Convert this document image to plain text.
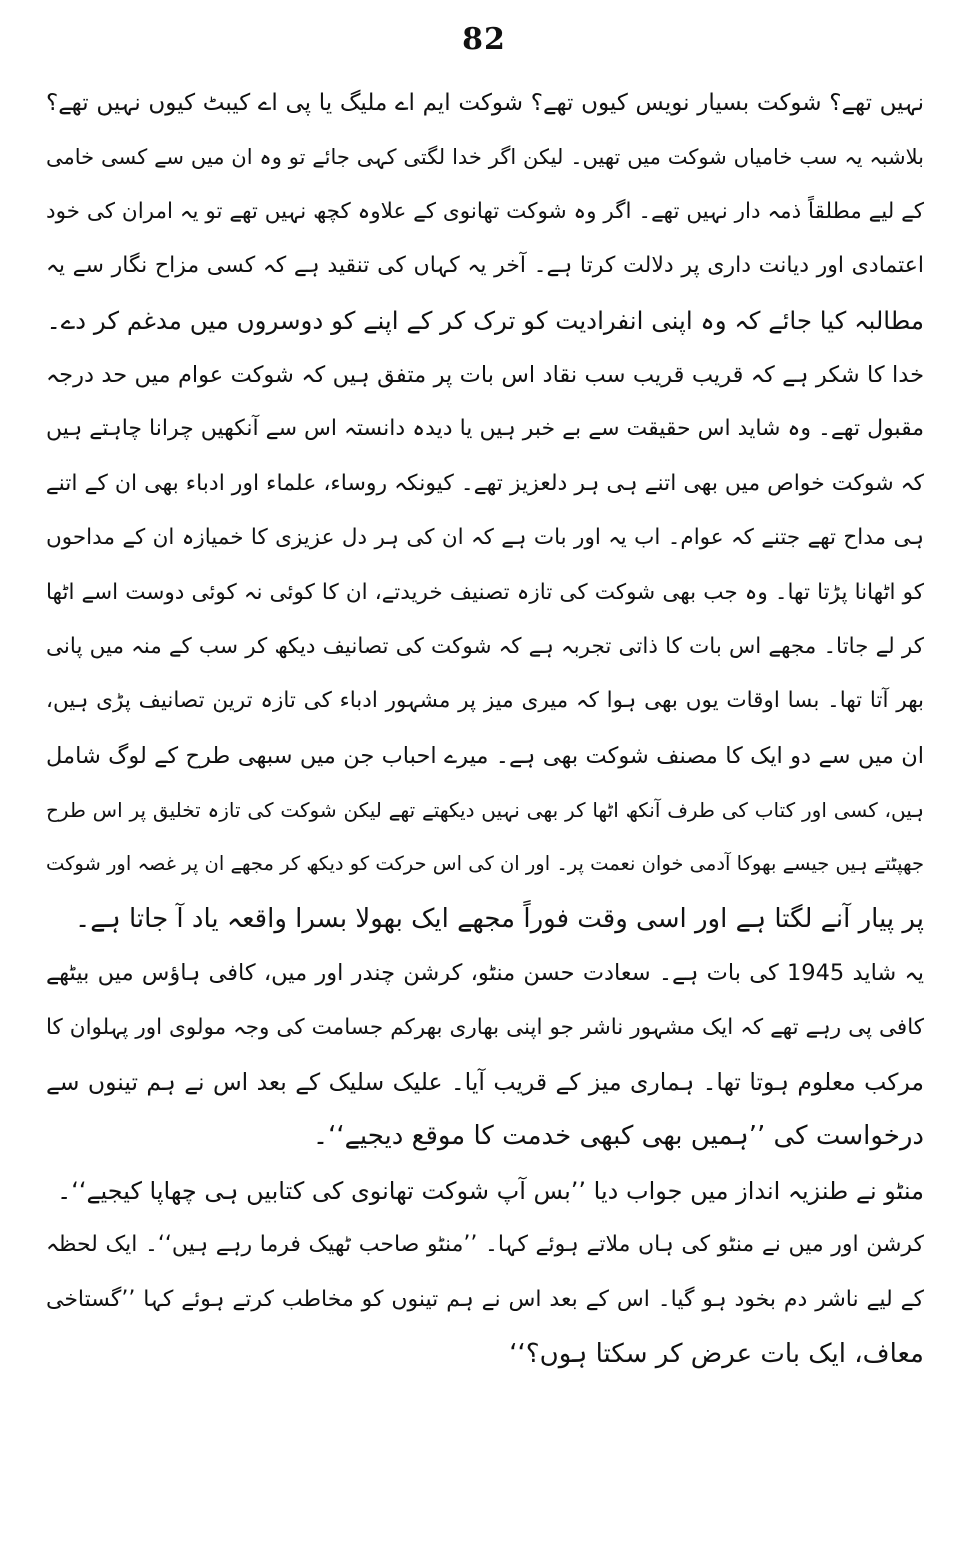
82
نہیں تھے؟ شوکت بسیار نویس کیوں تھے؟ شوکت ایم اے ملیگ یا پی اے کیبٹ کیوں نہیں تھے؟
بلاشبہ یہ سب خامیاں شوکت میں تھیں۔ لیکن اگر خدا لگتی کہی جائے تو وہ ان میں سے کسی خامی
کے لیے مطلقاً ذمہ دار نہیں تھے۔ اگر وہ شوکت تھانوی کے علاوہ کچھ نہیں تھے تو یہ امران کی خود
اعتمادی اور دیانت داری پر دلالت کرتا ہے۔ آخر یہ کہاں کی تنقید ہے کہ کسی مزاح نگار سے یہ
مطالبہ کیا جائے کہ وہ اپنی انفرادیت کو ترک کر کے اپنے کو دوسروں میں مدغم کر دے۔
خدا کا شکر ہے کہ قریب قریب سب نقاد اس بات پر متفق ہیں کہ شوکت عوام میں حد درجہ
مقبول تھے۔ وہ شاید اس حقیقت سے بے خبر ہیں یا دیدہ دانستہ اس سے آنکھیں چرانا چاہتے ہیں
کہ شوکت خواص میں بھی اتنے ہی ہر دلعزیز تھے۔ کیونکہ روساء، علماء اور ادباء بھی ان کے اتنے
ہی مداح تھے جتنے کہ عوام۔ اب یہ اور بات ہے کہ ان کی ہر دل عزیزی کا خمیازہ ان کے مداحوں
کو اٹھانا پڑتا تھا۔ وہ جب بھی شوکت کی تازہ تصنیف خریدتے، ان کا کوئی نہ کوئی دوست اسے اٹھا
کر لے جاتا۔ مجھے اس بات کا ذاتی تجربہ ہے کہ شوکت کی تصانیف دیکھ کر سب کے منہ میں پانی
بھر آتا تھا۔ بسا اوقات یوں بھی ہوا کہ میری میز پر مشہور ادباء کی تازہ ترین تصانیف پڑی ہیں،
ان میں سے دو ایک کا مصنف شوکت بھی ہے۔ میرے احباب جن میں سبھی طرح کے لوگ شامل
ہیں، کسی اور کتاب کی طرف آنکھ اٹھا کر بھی نہیں دیکھتے تھے لیکن شوکت کی تازہ تخلیق پر اس طرح
جھپٹتے ہیں جیسے بھوکا آدمی خوان نعمت پر۔ اور ان کی اس حرکت کو دیکھ کر مجھے ان پر غصہ اور شوکت
پر پیار آنے لگتا ہے اور اسی وقت فوراً مجھے ایک بھولا بسرا واقعہ یاد آ جاتا ہے۔
یہ شاید 1945 کی بات ہے۔ سعادت حسن منٹو، کرشن چندر اور میں، کافی ہاؤس میں بیٹھے
کافی پی رہے تھے کہ ایک مشہور ناشر جو اپنی بھاری بھرکم جسامت کی وجہ مولوی اور پہلوان کا
مرکب معلوم ہوتا تھا۔ ہماری میز کے قریب آیا۔ علیک سلیک کے بعد اس نے ہم تینوں سے
درخواست کی ’’ہمیں بھی کبھی خدمت کا موقع دیجیے‘‘۔
منٹو نے طنزیہ انداز میں جواب دیا ’’بس آپ شوکت تھانوی کی کتابیں ہی چھاپا کیجیے‘‘۔
کرشن اور میں نے منٹو کی ہاں ملاتے ہوئے کہا۔ ’’منٹو صاحب ٹھیک فرما رہے ہیں‘‘۔ ایک لحظہ
کے لیے ناشر دم بخود ہو گیا۔ اس کے بعد اس نے ہم تینوں کو مخاطب کرتے ہوئے کہا ’’گستاخی
معاف، ایک بات عرض کر سکتا ہوں؟‘‘
